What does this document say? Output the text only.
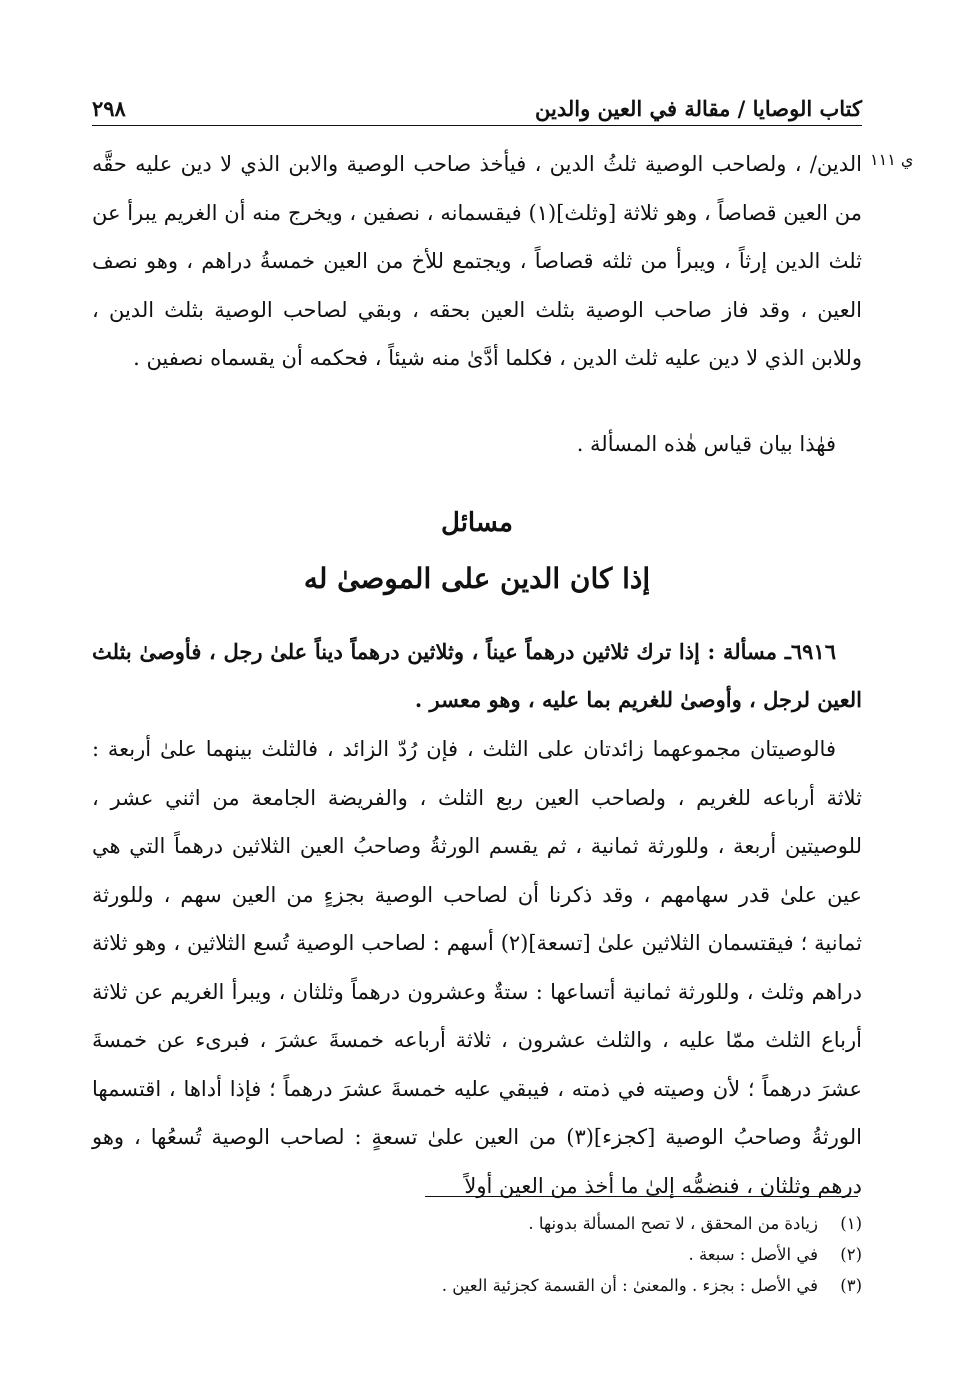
كتاب الوصايا / مقالة في العين والدين
٢٩٨
ي ١١١

الدين/ ، ولصاحب الوصية ثلثُ الدين ، فيأخذ صاحب الوصية والابن الذي لا دين عليه حقَّه من العين قصاصاً ، وهو ثلاثة [وثلث](١) فيقسمانه ، نصفين ، ويخرج منه أن الغريم يبرأ عن ثلث الدين إرثاً ، ويبرأ من ثلثه قصاصاً ، ويجتمع للأخ من العين خمسةُ دراهم ، وهو نصف العين ، وقد فاز صاحب الوصية بثلث العين بحقه ، وبقي لصاحب الوصية بثلث الدين ، وللابن الذي لا دين عليه ثلث الدين ، فكلما أدَّىٰ منه شيئاً ، فحكمه أن يقسماه نصفين .

فهٰذا بيان قياس هٰذه المسألة .

مسائل
إذا كان الدين على الموصىٰ له

٦٩١٦ـ مسألة : إذا ترك ثلاثين درهماً عيناً ، وثلاثين درهماً ديناً علىٰ رجل ، فأوصىٰ بثلث العين لرجل ، وأوصىٰ للغريم بما عليه ، وهو معسر .

فالوصيتان مجموعهما زائدتان على الثلث ، فإن رُدّ الزائد ، فالثلث بينهما علىٰ أربعة : ثلاثة أرباعه للغريم ، ولصاحب العين ربع الثلث ، والفريضة الجامعة من اثني عشر ، للوصيتين أربعة ، وللورثة ثمانية ، ثم يقسم الورثةُ وصاحبُ العين الثلاثين درهماً التي هي عين علىٰ قدر سهامهم ، وقد ذكرنا أن لصاحب الوصية بجزءٍ من العين سهم ، وللورثة ثمانية ؛ فيقتسمان الثلاثين علىٰ [تسعة](٢) أسهم : لصاحب الوصية تُسع الثلاثين ، وهو ثلاثة دراهم وثلث ، وللورثة ثمانية أتساعها : ستةٌ وعشرون درهماً وثلثان ، ويبرأ الغريم عن ثلاثة أرباع الثلث ممّا عليه ، والثلث عشرون ، ثلاثة أرباعه خمسةَ عشرَ ، فبرىء عن خمسةَ عشرَ درهماً ؛ لأن وصيته في ذمته ، فيبقي عليه خمسةَ عشرَ درهماً ؛ فإذا أداها ، اقتسمها الورثةُ وصاحبُ الوصية [كجزء](٣) من العين علىٰ تسعةٍ : لصاحب الوصية تُسعُها ، وهو درهم وثلثان ، فنضمُّه إلىٰ ما أخذ من العين أولاً

(١)
زيادة من المحقق ، لا تصح المسألة بدونها .
(٢)
في الأصل : سبعة .
(٣)
في الأصل : بجزء . والمعنىٰ : أن القسمة كجزئية العين .
